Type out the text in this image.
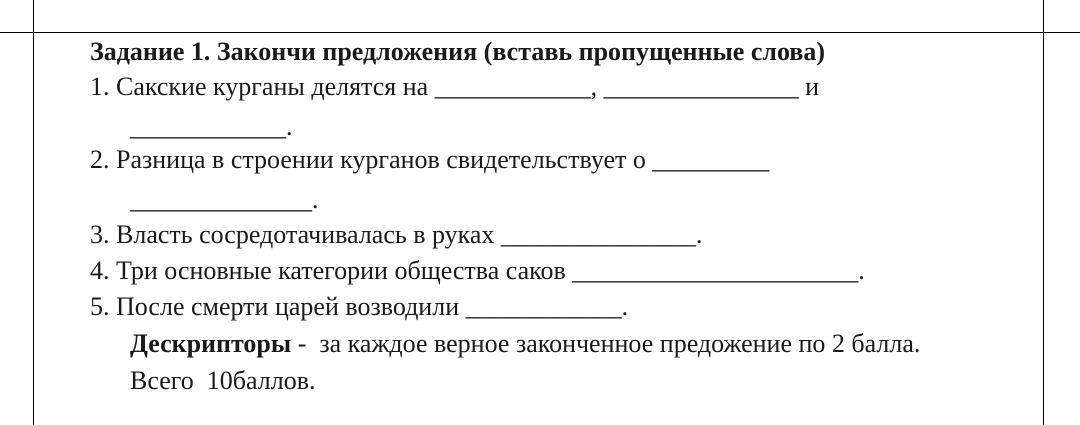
Задание 1. Закончи предложения (вставь пропущенные слова)
1. Сакские курганы делятся на ____________, _______________ и
____________.
2. Разница в строении курганов свидетельствует о _________
______________.
3. Власть сосредотачивалась в руках _______________.
4. Три основные категории общества саков ______________________.
5. После смерти царей возводили ____________.
Дескрипторы -  за каждое верное законченное предожение по 2 балла.
Всего  10баллов.
